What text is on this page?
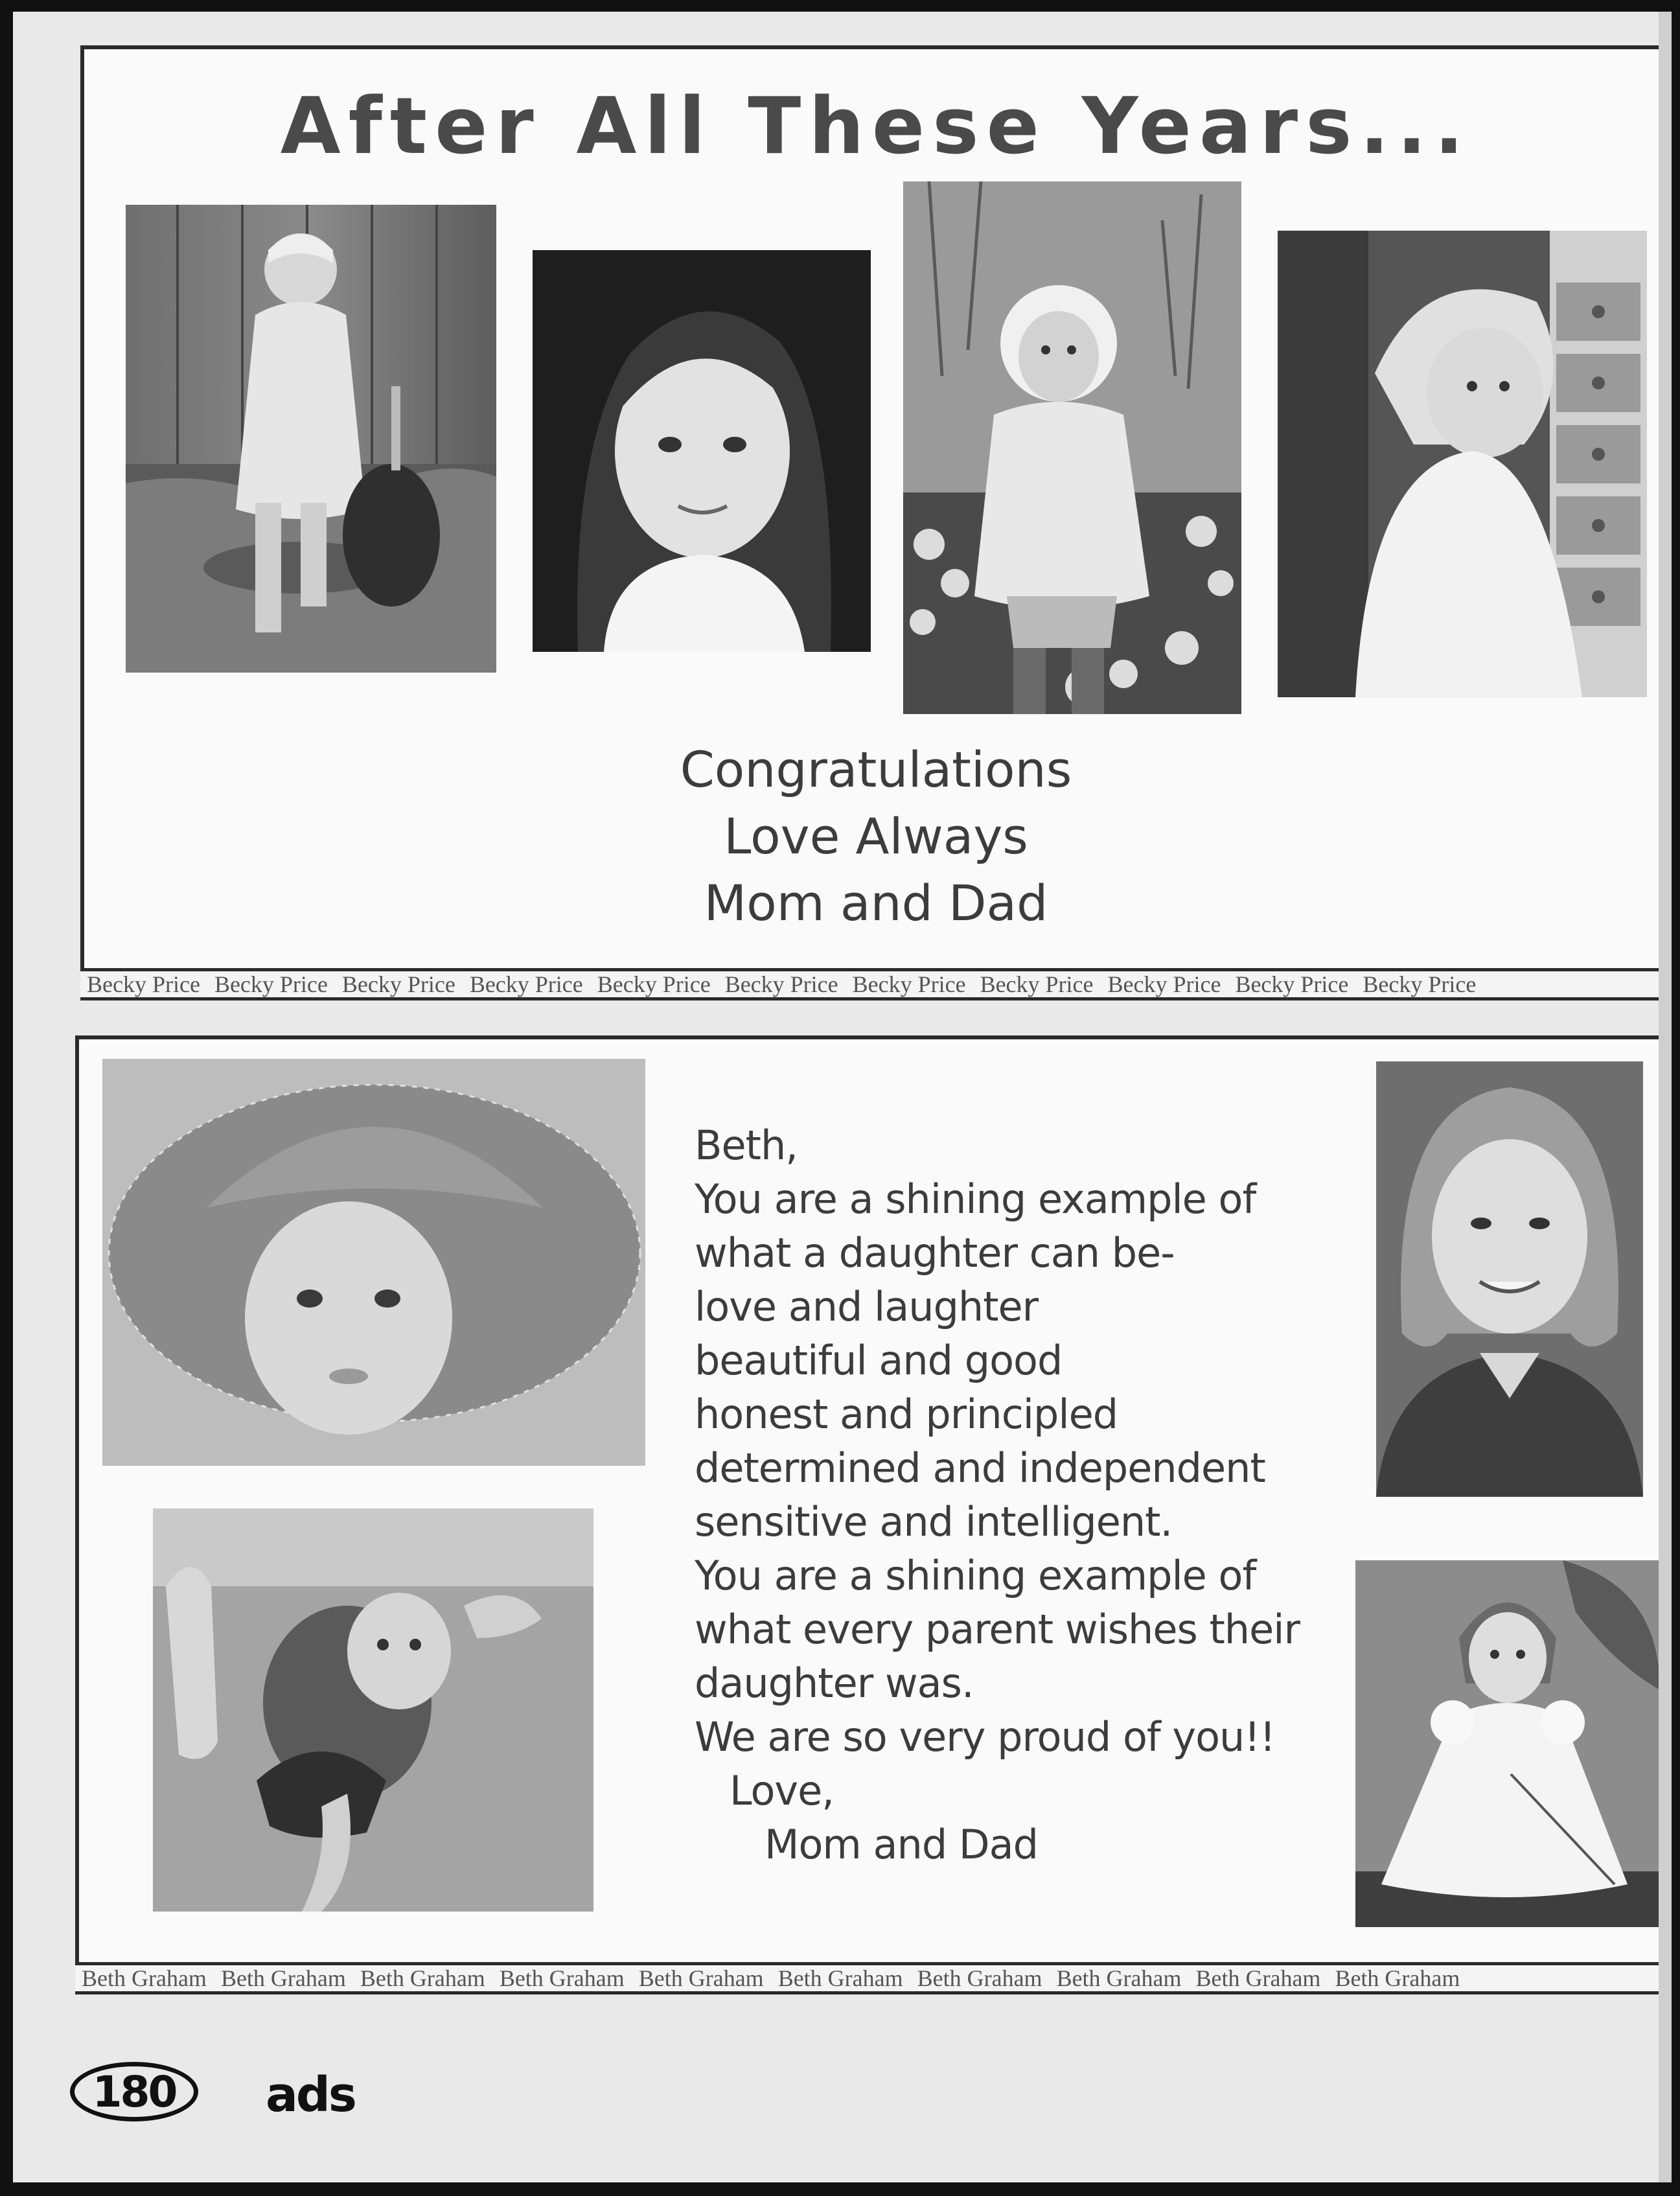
After All These Years...
Congratulations
Love Always
Mom and Dad
Becky Price Becky Price Becky Price Becky Price Becky Price Becky Price Becky Price Becky Price Becky Price Becky Price Becky Price
Beth,
You are a shining example of
what a daughter can be-
love and laughter
beautiful and good
honest and principled
determined and independent
sensitive and intelligent.
You are a shining example of
what every parent wishes their
daughter was.
We are so very proud of you!!
Love,
Mom and Dad
Beth Graham Beth Graham Beth Graham Beth Graham Beth Graham Beth Graham Beth Graham Beth Graham Beth Graham Beth Graham
180	ads
